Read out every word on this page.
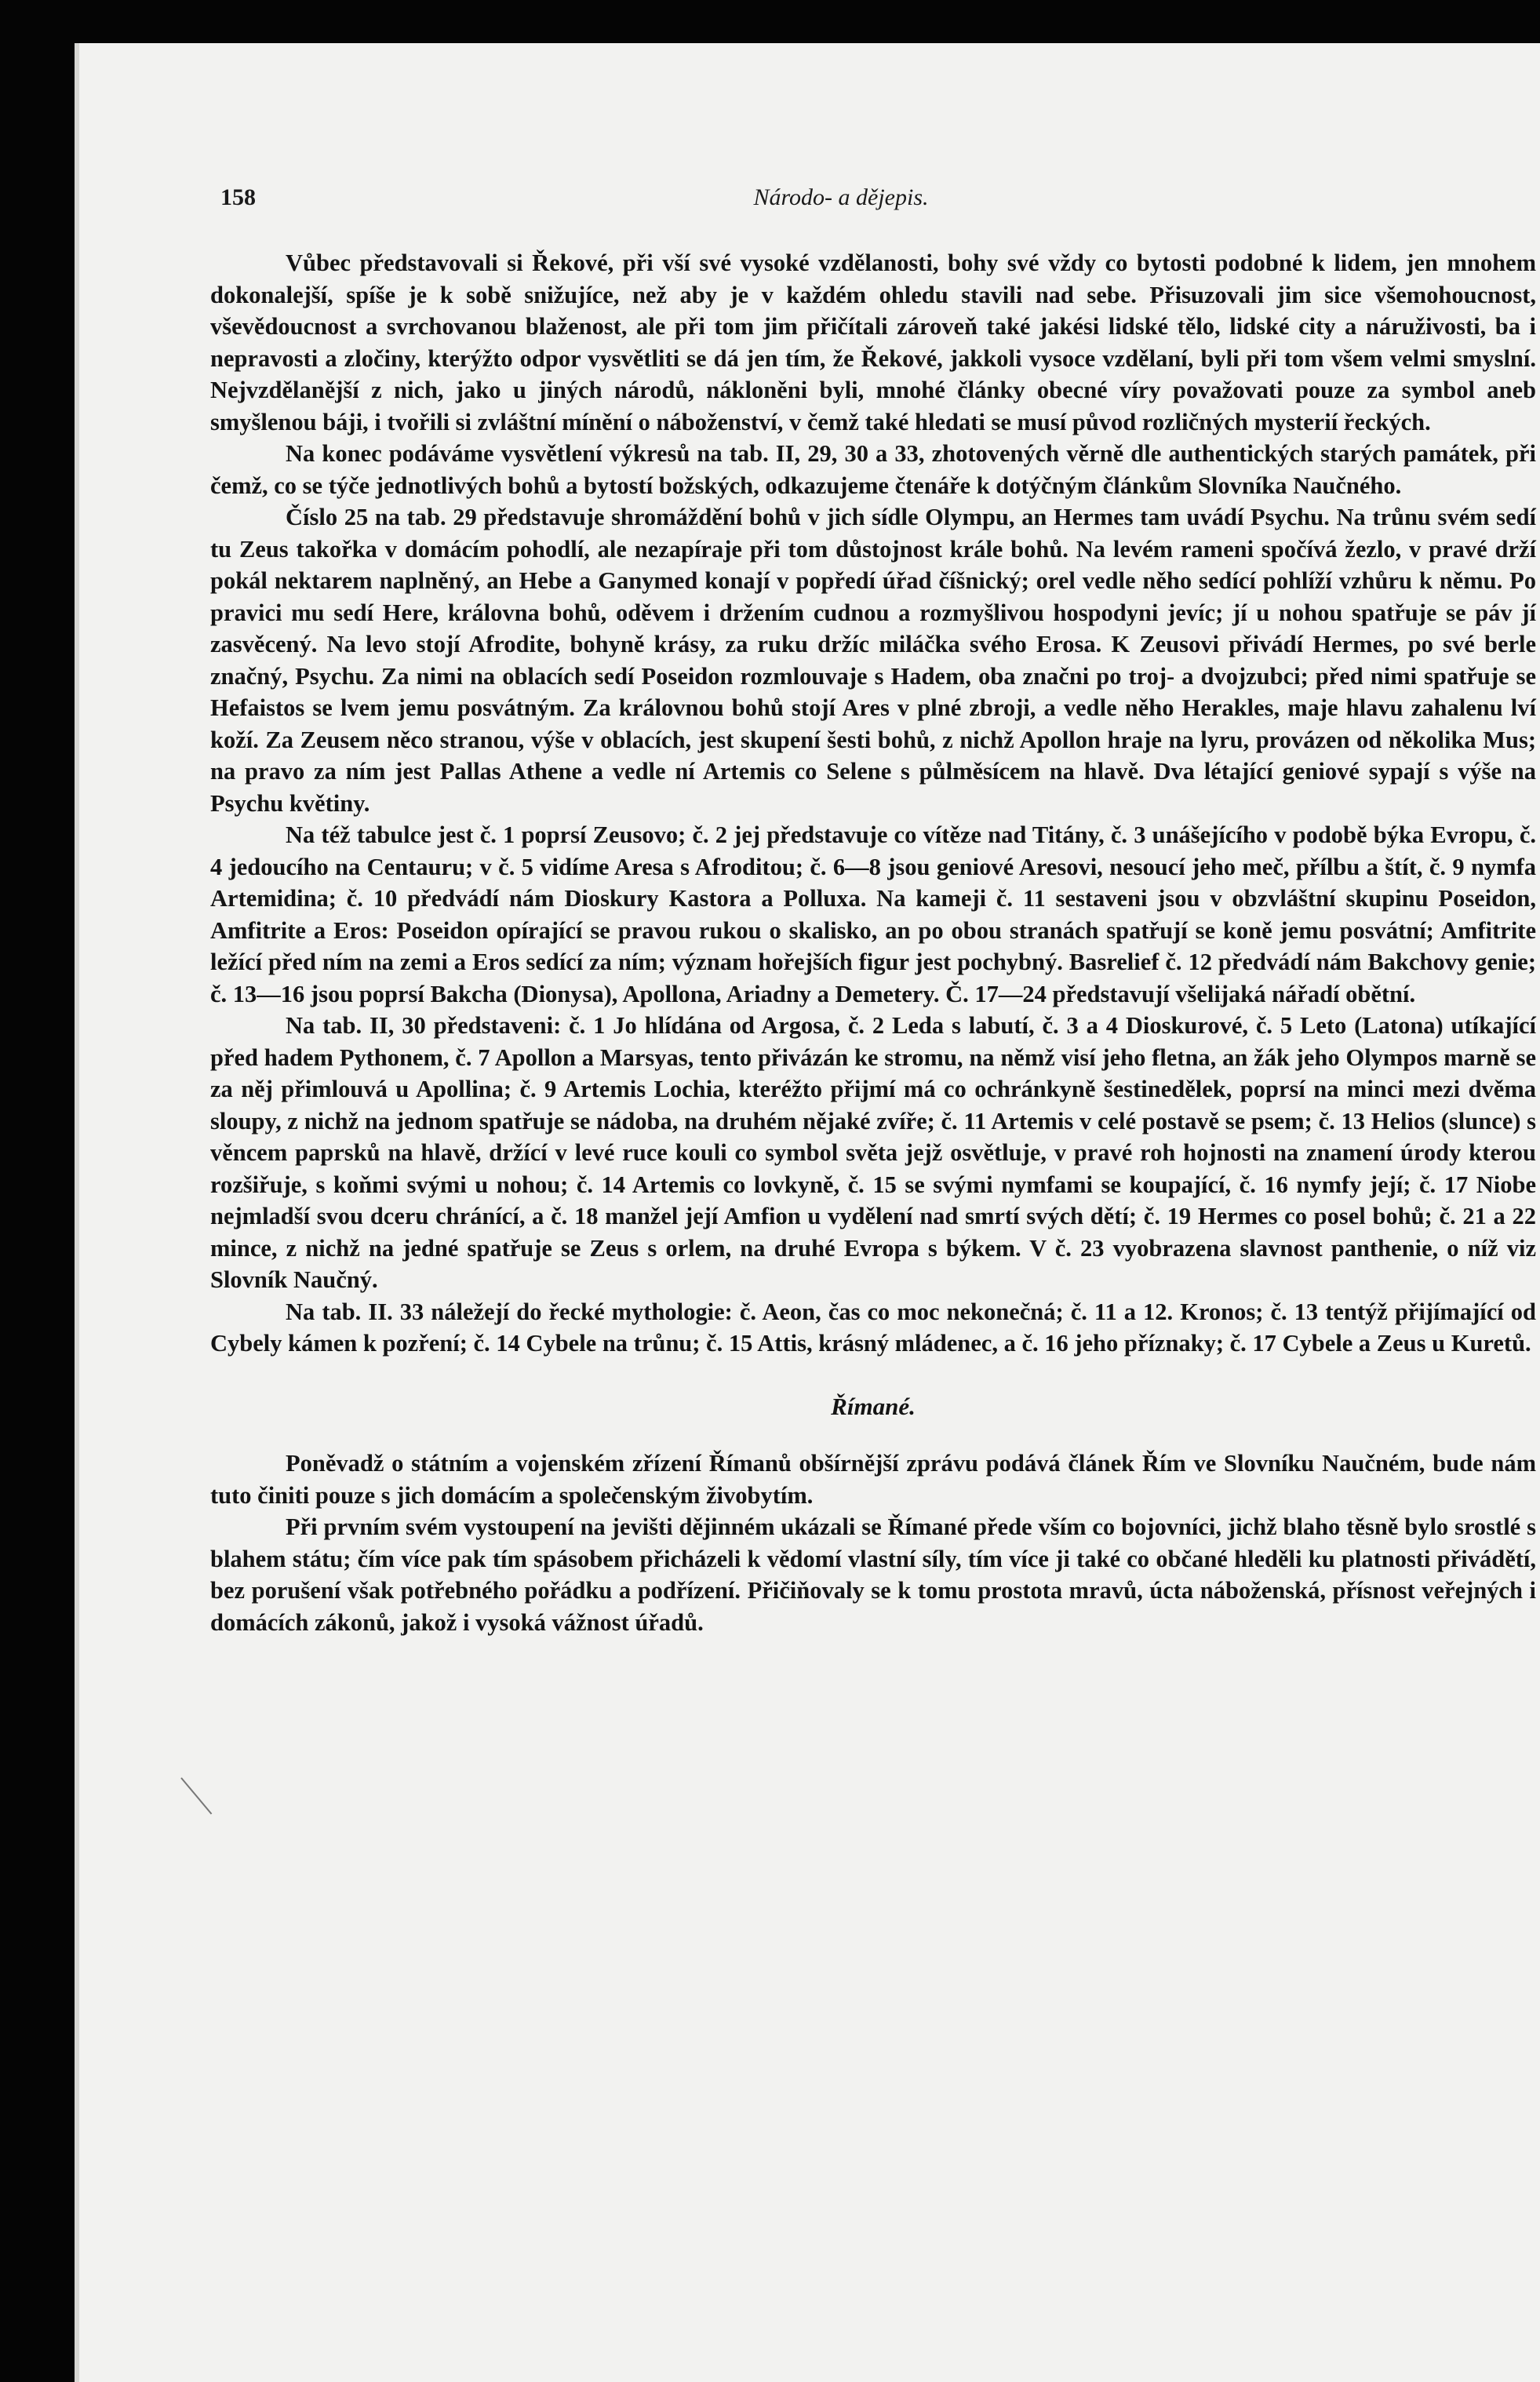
158	Národo- a dějepis.

Vůbec představovali si Řekové, při vší své vysoké vzdělanosti, bohy své vždy co bytosti podobné k lidem, jen mnohem dokonalejší, spíše je k sobě snižujíce, než aby je v každém ohledu stavili nad sebe. Přisuzovali jim sice všemohoucnost, vševědoucnost a svrchovanou blaženost, ale při tom jim přičítali zároveň také jakési lidské tělo, lidské city a náruživosti, ba i nepravosti a zločiny, kterýžto odpor vysvětliti se dá jen tím, že Řekové, jakkoli vysoce vzdělaní, byli při tom všem velmi smyslní. Nejvzdělanější z nich, jako u jiných národů, nákloněni byli, mnohé články obecné víry považovati pouze za symbol aneb smyšlenou báji, i tvořili si zvláštní mínění o náboženství, v čemž také hledati se musí původ rozličných mysterií řeckých.

Na konec podáváme vysvětlení výkresů na tab. II, 29, 30 a 33, zhotovených věrně dle authentických starých památek, při čemž, co se týče jednotlivých bohů a bytostí božských, odkazujeme čtenáře k dotýčným článkům Slovníka Naučného.

Číslo 25 na tab. 29 představuje shromáždění bohů v jich sídle Olympu, an Hermes tam uvádí Psychu. Na trůnu svém sedí tu Zeus takořka v domácím pohodlí, ale nezapíraje při tom důstojnost krále bohů. Na levém rameni spočívá žezlo, v pravé drží pokál nektarem naplněný, an Hebe a Ganymed konají v popředí úřad číšnický; orel vedle něho sedící pohlíží vzhůru k němu. Po pravici mu sedí Here, královna bohů, oděvem i držením cudnou a rozmyšlivou hospodyni jevíc; jí u nohou spatřuje se páv jí zasvěcený. Na levo stojí Afrodite, bohyně krásy, za ruku držíc miláčka svého Erosa. K Zeusovi přivádí Hermes, po své berle značný, Psychu. Za nimi na oblacích sedí Poseidon rozmlouvaje s Hadem, oba značni po troj- a dvojzubci; před nimi spatřuje se Hefaistos se lvem jemu posvátným. Za královnou bohů stojí Ares v plné zbroji, a vedle něho Herakles, maje hlavu zahalenu lví koží. Za Zeusem něco stranou, výše v oblacích, jest skupení šesti bohů, z nichž Apollon hraje na lyru, provázen od několika Mus; na pravo za ním jest Pallas Athene a vedle ní Artemis co Selene s půlměsícem na hlavě. Dva létající geniové sypají s výše na Psychu květiny.

Na též tabulce jest č. 1 poprsí Zeusovo; č. 2 jej představuje co vítěze nad Titány, č. 3 unášejícího v podobě býka Evropu, č. 4 jedoucího na Centauru; v č. 5 vidíme Aresa s Afroditou; č. 6—8 jsou geniové Aresovi, nesoucí jeho meč, přílbu a štít, č. 9 nymfa Artemidina; č. 10 předvádí nám Dioskury Kastora a Polluxa. Na kameji č. 11 sestaveni jsou v obzvláštní skupinu Poseidon, Amfitrite a Eros: Poseidon opírající se pravou rukou o skalisko, an po obou stranách spatřují se koně jemu posvátní; Amfitrite ležící před ním na zemi a Eros sedící za ním; význam hořejších figur jest pochybný. Basrelief č. 12 předvádí nám Bakchovy genie; č. 13—16 jsou poprsí Bakcha (Dionysa), Apollona, Ariadny a Demetery. Č. 17—24 představují všelijaká nářadí obětní.

Na tab. II, 30 představeni: č. 1 Jo hlídána od Argosa, č. 2 Leda s labutí, č. 3 a 4 Dioskurové, č. 5 Leto (Latona) utíkající před hadem Pythonem, č. 7 Apollon a Marsyas, tento přivázán ke stromu, na němž visí jeho fletna, an žák jeho Olympos marně se za něj přimlouvá u Apollina; č. 9 Artemis Lochia, kteréžto přijmí má co ochránkyně šestinedělek, poprsí na minci mezi dvěma sloupy, z nichž na jednom spatřuje se nádoba, na druhém nějaké zvíře; č. 11 Artemis v celé postavě se psem; č. 13 Helios (slunce) s věncem paprsků na hlavě, držící v levé ruce kouli co symbol světa jejž osvětluje, v pravé roh hojnosti na znamení úrody kterou rozšiřuje, s koňmi svými u nohou; č. 14 Artemis co lovkyně, č. 15 se svými nymfami se koupající, č. 16 nymfy její; č. 17 Niobe nejmladší svou dceru chránící, a č. 18 manžel její Amfion u vydělení nad smrtí svých dětí; č. 19 Hermes co posel bohů; č. 21 a 22 mince, z nichž na jedné spatřuje se Zeus s orlem, na druhé Evropa s býkem. V č. 23 vyobrazena slavnost panthenie, o níž viz Slovník Naučný.

Na tab. II. 33 náležejí do řecké mythologie: č. Aeon, čas co moc nekonečná; č. 11 a 12. Kronos; č. 13 tentýž přijímající od Cybely kámen k pozření; č. 14 Cybele na trůnu; č. 15 Attis, krásný mládenec, a č. 16 jeho příznaky; č. 17 Cybele a Zeus u Kuretů.

Římané.

Poněvadž o státním a vojenském zřízení Římanů obšírnější zprávu podává článek Řím ve Slovníku Naučném, bude nám tuto činiti pouze s jich domácím a společenským živobytím.

Při prvním svém vystoupení na jevišti dějinném ukázali se Římané přede vším co bojovníci, jichž blaho těsně bylo srostlé s blahem státu; čím více pak tím spásobem přicházeli k vědomí vlastní síly, tím více ji také co občané hleděli ku platnosti přivádětí, bez porušení však potřebného pořádku a podřízení. Přičiňovaly se k tomu prostota mravů, úcta náboženská, přísnost veřejných i domácích zákonů, jakož i vysoká vážnost úřadů.
